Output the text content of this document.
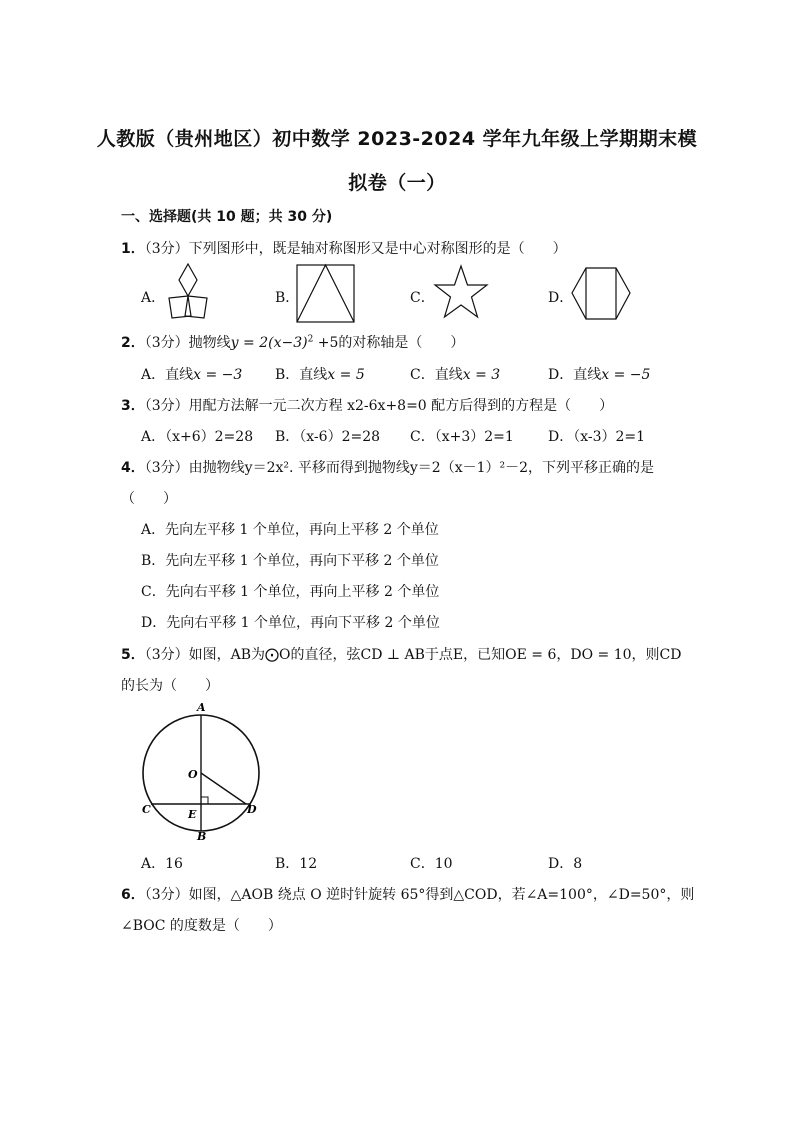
人教版（贵州地区）初中数学 2023-2024 学年九年级上学期期末模
拟卷（一）
一、选择题(共 10 题；共 30 分)
1．（3分）下列图形中，既是轴对称图形又是中心对称图形的是（　　）
A．	B．	C．	D．
2．（3分）抛物线$y = 2(x-3)^2 +5$的对称轴是（　　）
A．直线x = −3 B．直线x = 5	C．直线x = 3	D．直线x = −5
3．（3分）用配方法解一元二次方程 x2-6x+8=0 配方后得到的方程是（　　）
A．（x+6）2=28 B．（x-6）2=28 C．（x+3）2=1 D．（x-3）2=1
4．（3分）由抛物线y＝2x². 平移而得到抛物线y＝2（x－1）²－2，下列平移正确的是
（　　）
A．先向左平移 1 个单位，再向上平移 2 个单位
B．先向左平移 1 个单位，再向下平移 2 个单位
C．先向右平移 1 个单位，再向上平移 2 个单位
D．先向右平移 1 个单位，再向下平移 2 个单位
5．（3分）如图，AB为⨀O的直径，弦CD ⊥ AB于点E，已知OE = 6，DO = 10，则CD
的长为（　　）
A
O
C	D
E
B
A．16	B．12	C．10	D．8
6．（3分）如图，△AOB 绕点 O 逆时针旋转 65°得到△COD，若∠A=100°，∠D=50°，则
∠BOC 的度数是（　　）
